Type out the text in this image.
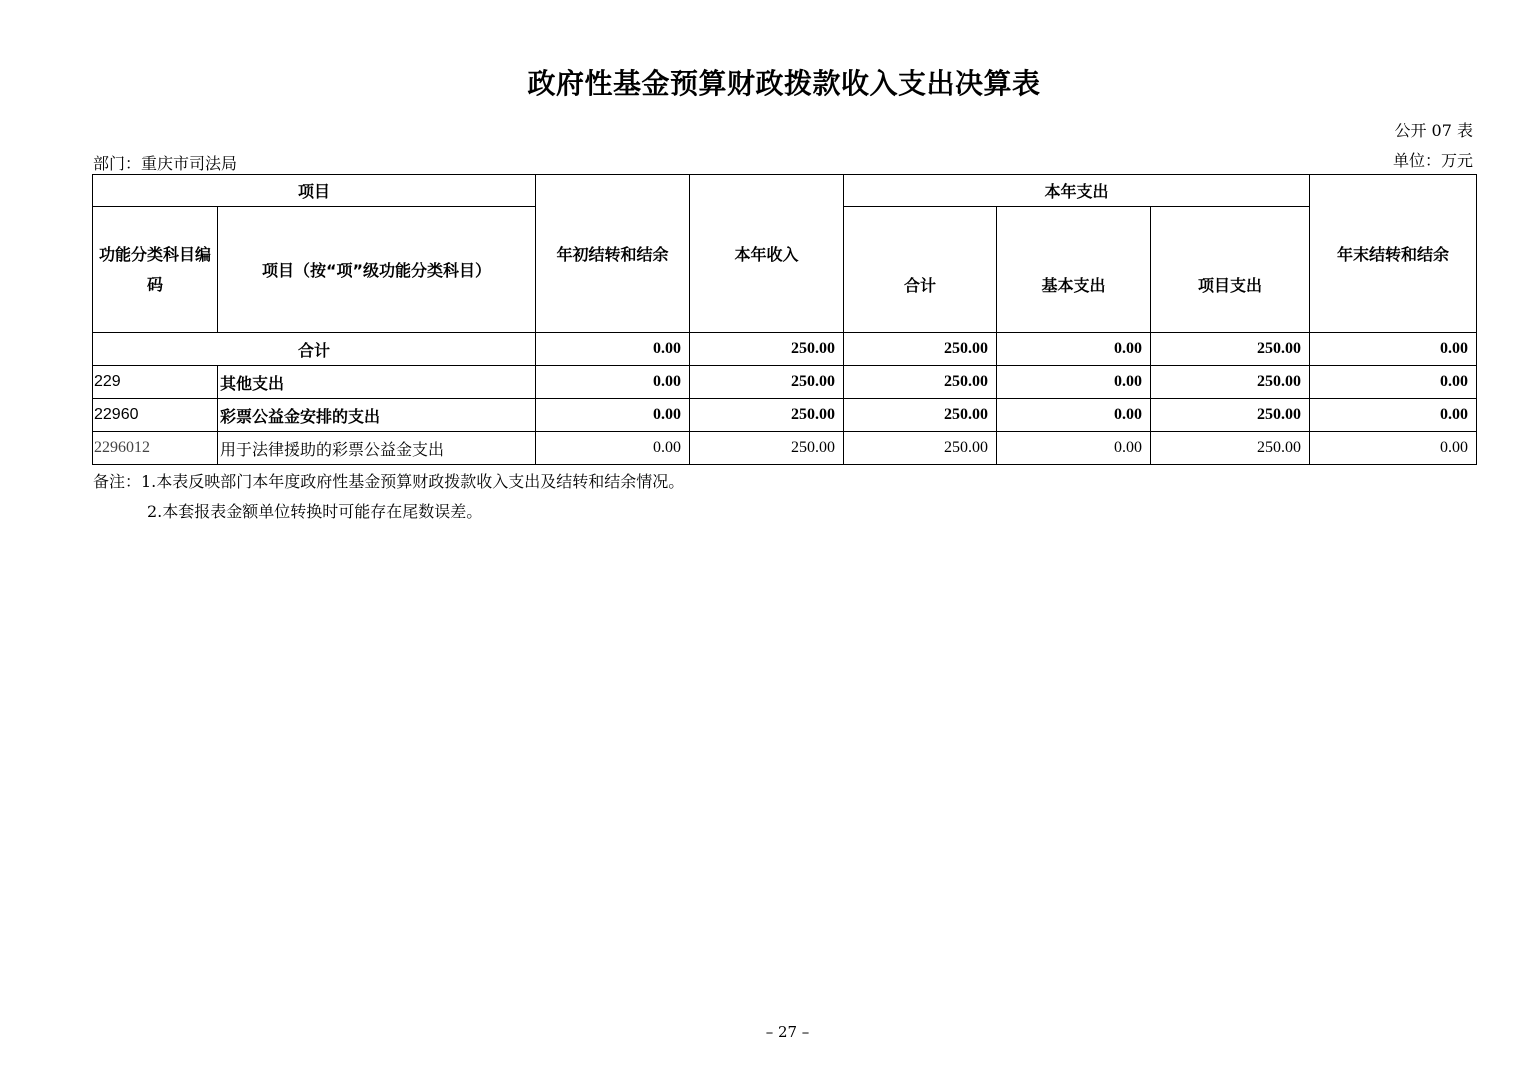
政府性基金预算财政拨款收入支出决算表
公开 07 表
部门：重庆市司法局	单位：万元
项目		年初结转和结余	本年收入	本年支出			年末结转和结余
功能分类科目编码	项目（按“项”级功能分类科目）			合计	基本支出	项目支出	
合计		0.00	250.00	250.00	0.00	250.00	0.00
229	其他支出	0.00	250.00	250.00	0.00	250.00	0.00
22960	彩票公益金安排的支出	0.00	250.00	250.00	0.00	250.00	0.00
2296012	用于法律援助的彩票公益金支出	0.00	250.00	250.00	0.00	250.00	0.00
备注：1.本表反映部门本年度政府性基金预算财政拨款收入支出及结转和结余情况。
2.本套报表金额单位转换时可能存在尾数误差。
– 27 –
